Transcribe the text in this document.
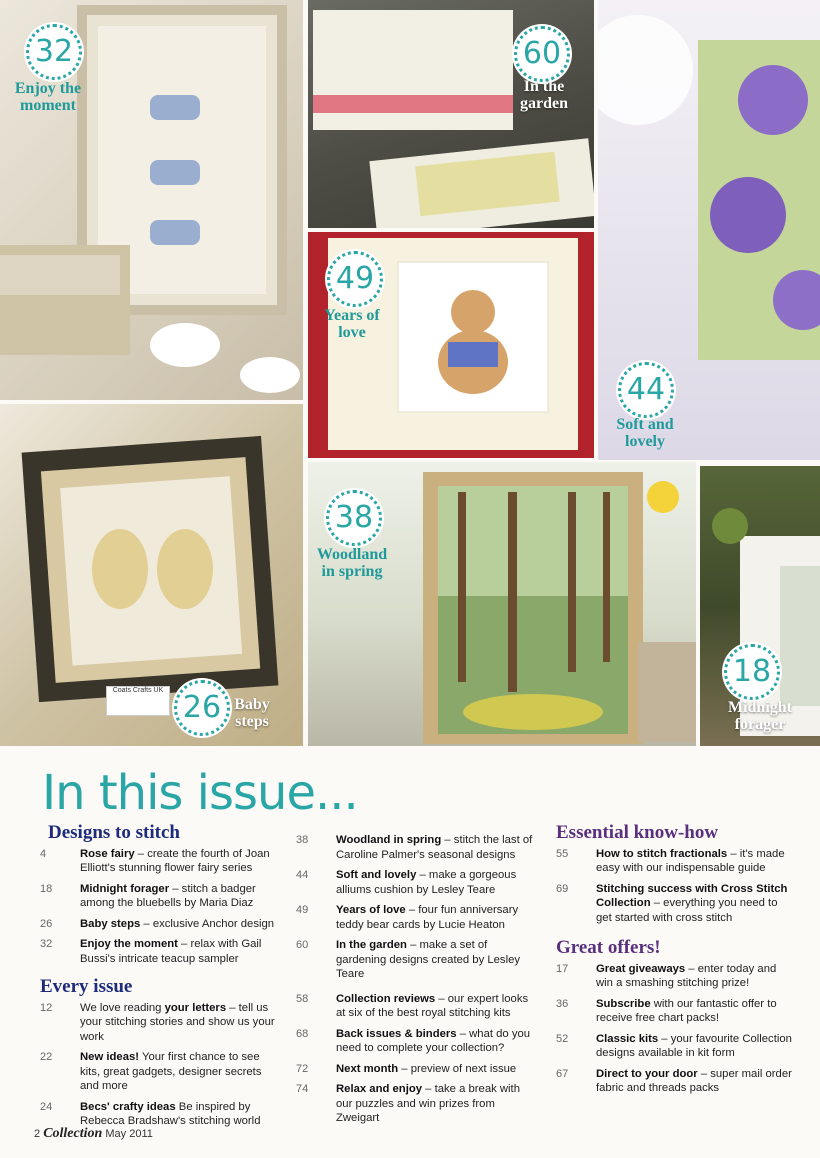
32
Enjoy the moment
60
In the garden
49
Years of love
44
Soft and lovely
Coats Crafts UK 26 Baby steps
38
Woodland in spring
18
Midnight forager
In this issue...
Designs to stitch
4	Rose fairy – create the fourth of Joan Elliott's stunning flower fairy series
18	Midnight forager – stitch a badger among the bluebells by Maria Diaz
26	Baby steps – exclusive Anchor design
32	Enjoy the moment – relax with Gail Bussi's intricate teacup sampler
Every issue
12	We love reading your letters – tell us your stitching stories and show us your work
22	New ideas! Your first chance to see kits, great gadgets, designer secrets and more
24	Becs' crafty ideas Be inspired by Rebecca Bradshaw's stitching world
38	Woodland in spring – stitch the last of Caroline Palmer's seasonal designs
44	Soft and lovely – make a gorgeous alliums cushion by Lesley Teare
49	Years of love – four fun anniversary teddy bear cards by Lucie Heaton
60	In the garden – make a set of gardening designs created by Lesley Teare
58	Collection reviews – our expert looks at six of the best royal stitching kits
68	Back issues & binders – what do you need to complete your collection?
72	Next month – preview of next issue
74	Relax and enjoy – take a break with our puzzles and win prizes from Zweigart
Essential know-how
55	How to stitch fractionals – it's made easy with our indispensable guide
69	Stitching success with Cross Stitch Collection – everything you need to get started with cross stitch
Great offers!
17	Great giveaways – enter today and win a smashing stitching prize!
36	Subscribe with our fantastic offer to receive free chart packs!
52	Classic kits – your favourite Collection designs available in kit form
67	Direct to your door – super mail order fabric and threads packs
2 Collection May 2011
